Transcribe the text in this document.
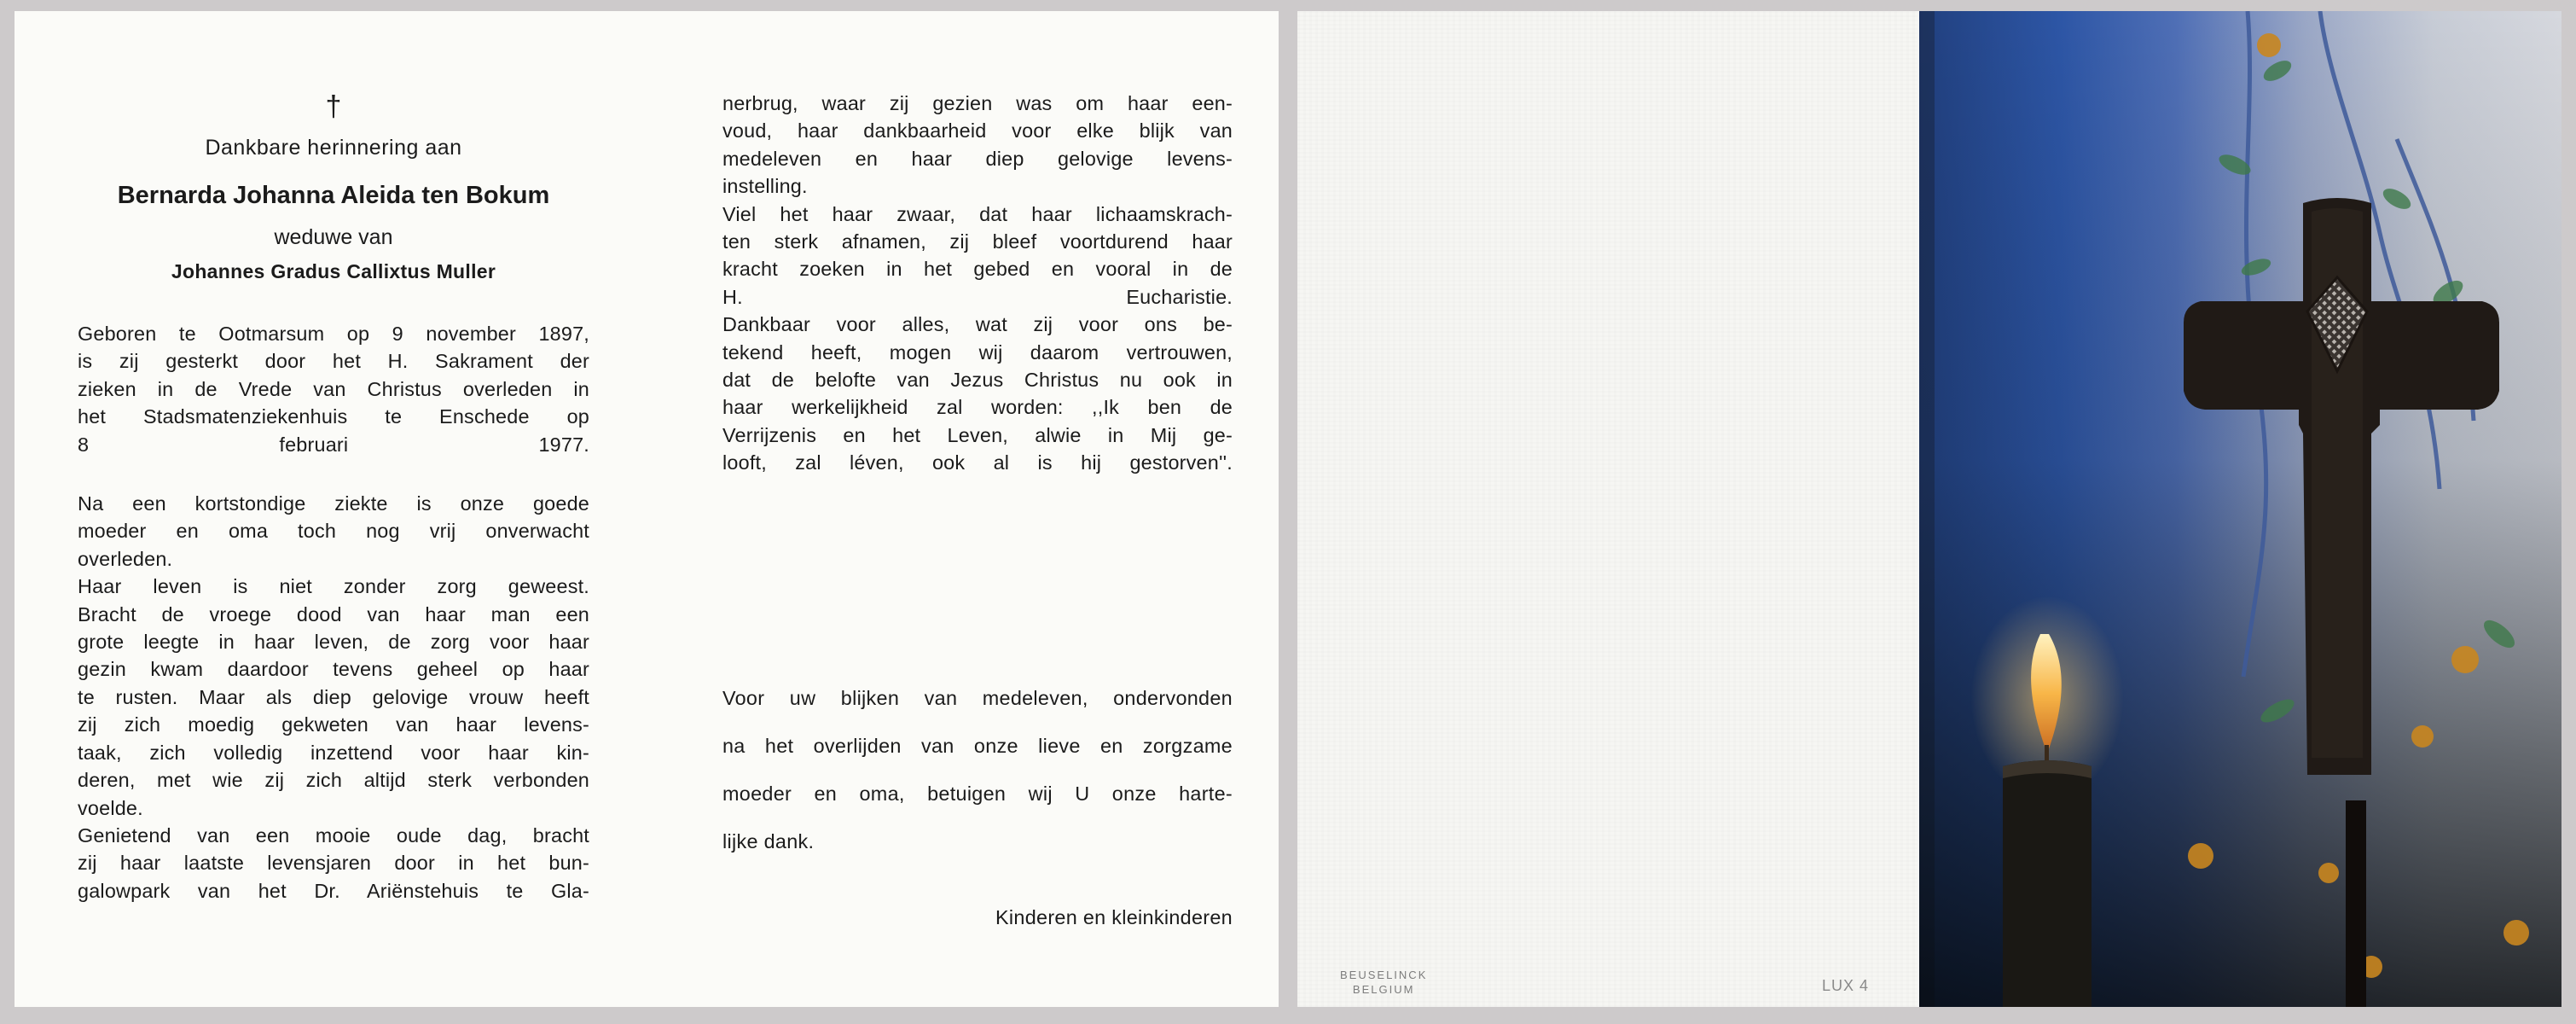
†

Dankbare herinnering aan

Bernarda Johanna Aleida ten Bokum

weduwe van

Johannes Gradus Callixtus Muller

Geboren te Ootmarsum op 9 november 1897,

is zij gesterkt door het H. Sakrament der

zieken in de Vrede van Christus overleden in

het Stadsmatenziekenhuis te Enschede op

8 februari 1977.

Na een kortstondige ziekte is onze goede

moeder en oma toch nog vrij onverwacht

overleden.

Haar leven is niet zonder zorg geweest.

Bracht de vroege dood van haar man een

grote leegte in haar leven, de zorg voor haar

gezin kwam daardoor tevens geheel op haar

te rusten. Maar als diep gelovige vrouw heeft

zij zich moedig gekweten van haar levens-

taak, zich volledig inzettend voor haar kin-

deren, met wie zij zich altijd sterk verbonden

voelde.

Genietend van een mooie oude dag, bracht

zij haar laatste levensjaren door in het bun-

galowpark van het Dr. Ariënstehuis te Gla-

nerbrug, waar zij gezien was om haar een-

voud, haar dankbaarheid voor elke blijk van

medeleven en haar diep gelovige levens-

instelling.

Viel het haar zwaar, dat haar lichaamskrach-

ten sterk afnamen, zij bleef voortdurend haar

kracht zoeken in het gebed en vooral in de

H. Eucharistie.

Dankbaar voor alles, wat zij voor ons be-

tekend heeft, mogen wij daarom vertrouwen,

dat de belofte van Jezus Christus nu ook in

haar werkelijkheid zal worden: ,,Ik ben de

Verrijzenis en het Leven, alwie in Mij ge-

looft, zal léven, ook al is hij gestorven''.

Voor uw blijken van medeleven, ondervonden

na het overlijden van onze lieve en zorgzame

moeder en oma, betuigen wij U onze harte-

lijke dank.

Kinderen en kleinkinderen
BEUSELINCK
BELGIUM	LUX 4
